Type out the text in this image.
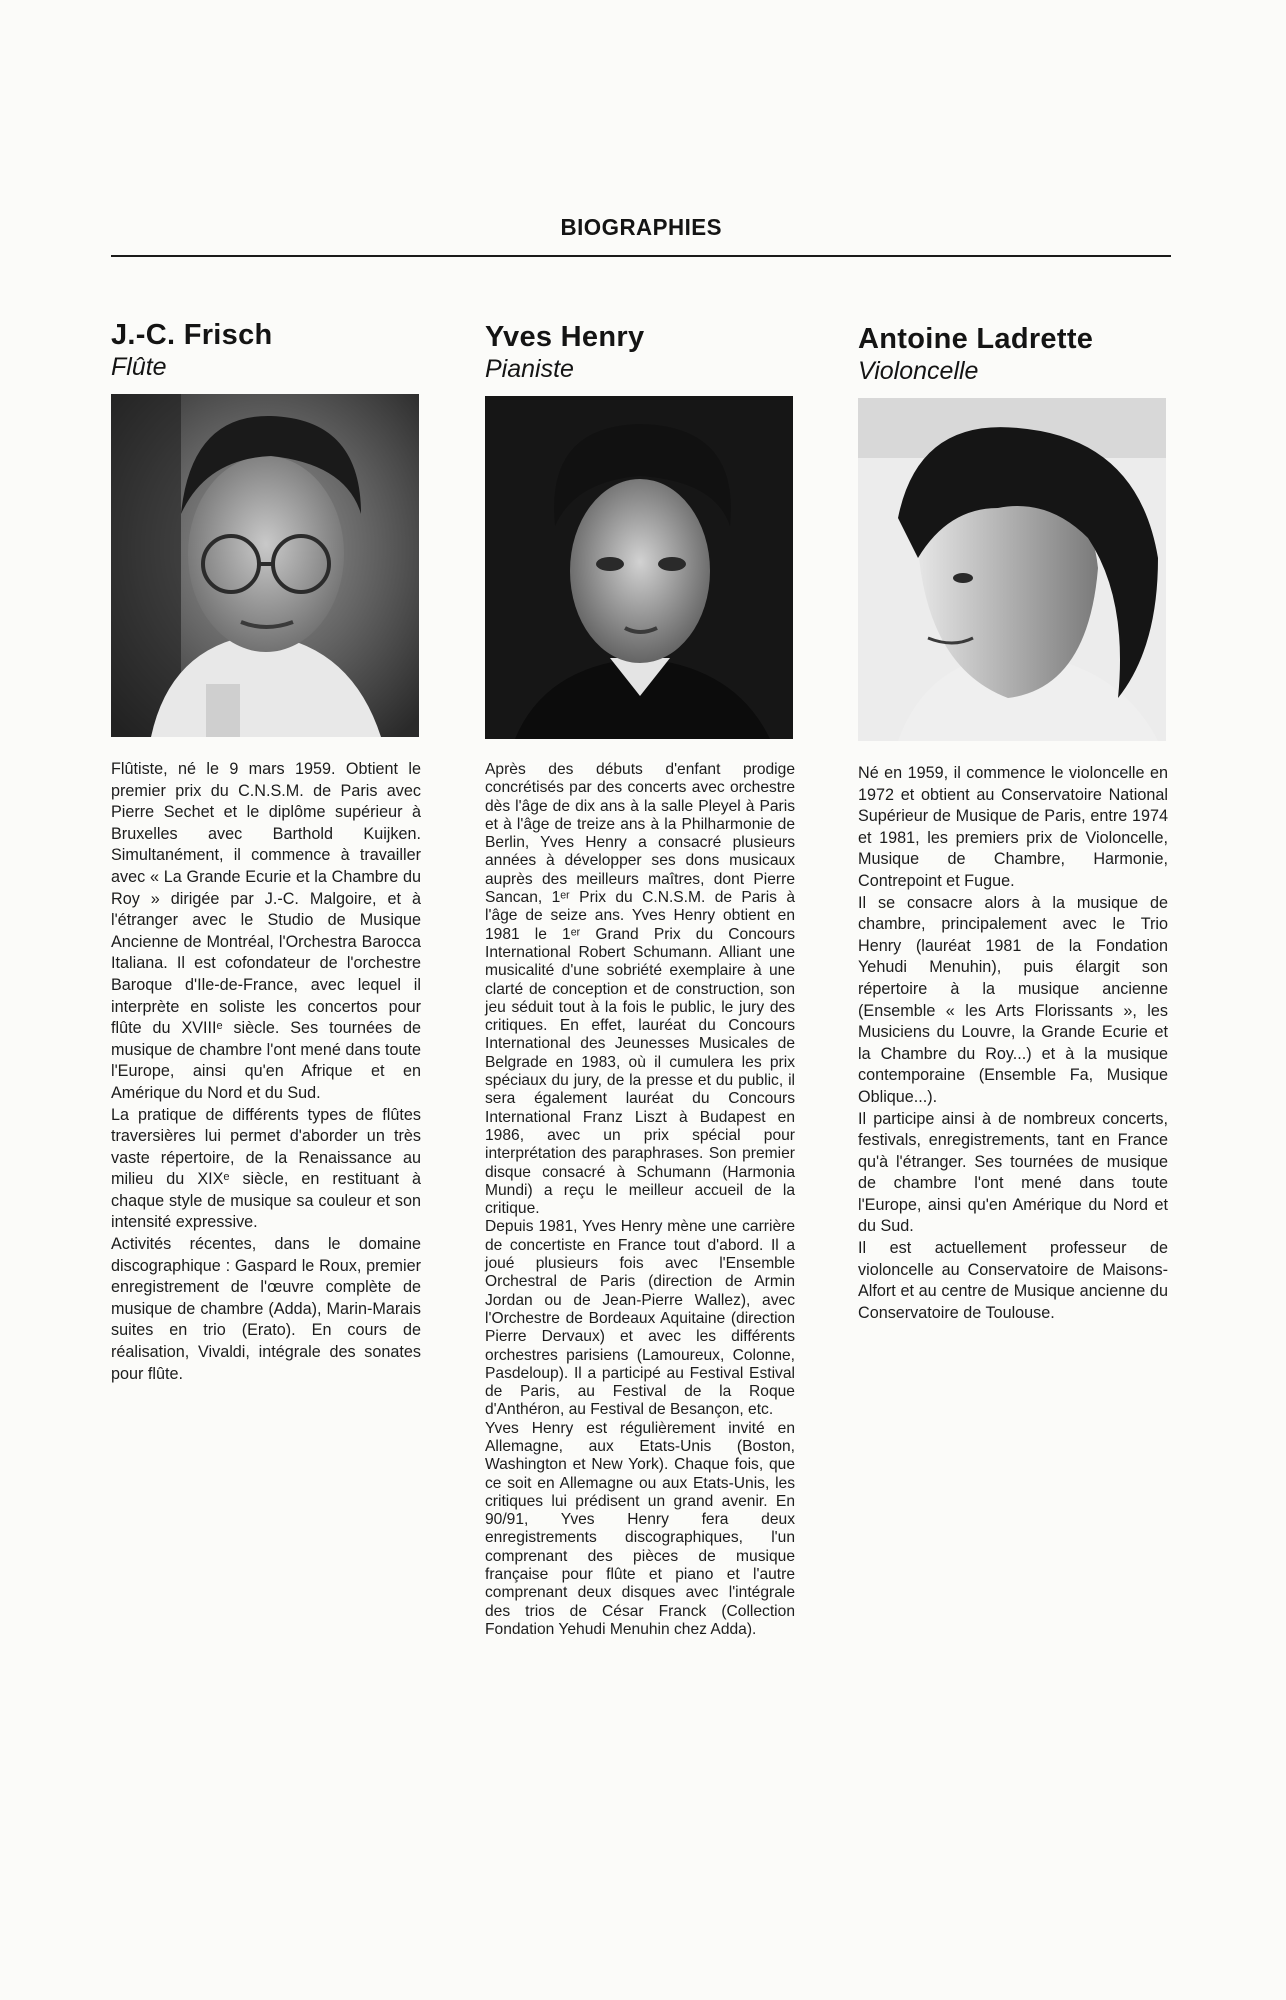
BIOGRAPHIES
J.-C. Frisch
Flûte

Flûtiste, né le 9 mars 1959. Obtient le premier prix du C.N.S.M. de Paris avec Pierre Sechet et le diplôme supérieur à Bruxelles avec Barthold Kuijken. Simultanément, il commence à travailler avec « La Grande Ecurie et la Chambre du Roy » dirigée par J.-C. Malgoire, et à l'étranger avec le Studio de Musique Ancienne de Montréal, l'Orchestra Barocca Italiana. Il est cofondateur de l'orchestre Baroque d'Ile-de-France, avec lequel il interprète en soliste les concertos pour flûte du XVIIIᵉ siècle. Ses tournées de musique de chambre l'ont mené dans toute l'Europe, ainsi qu'en Afrique et en Amérique du Nord et du Sud.

La pratique de différents types de flûtes traversières lui permet d'aborder un très vaste répertoire, de la Renaissance au milieu du XIXᵉ siècle, en restituant à chaque style de musique sa couleur et son intensité expressive.

Activités récentes, dans le domaine discographique : Gaspard le Roux, premier enregistrement de l'œuvre complète de musique de chambre (Adda), Marin-Marais suites en trio (Erato). En cours de réalisation, Vivaldi, intégrale des sonates pour flûte.

Yves Henry
Pianiste

Après des débuts d'enfant prodige concrétisés par des concerts avec orchestre dès l'âge de dix ans à la salle Pleyel à Paris et à l'âge de treize ans à la Philharmonie de Berlin, Yves Henry a consacré plusieurs années à développer ses dons musicaux auprès des meilleurs maîtres, dont Pierre Sancan, 1ᵉʳ Prix du C.N.S.M. de Paris à l'âge de seize ans. Yves Henry obtient en 1981 le 1ᵉʳ Grand Prix du Concours International Robert Schumann. Alliant une musicalité d'une sobriété exemplaire à une clarté de conception et de construction, son jeu séduit tout à la fois le public, le jury des critiques. En effet, lauréat du Concours International des Jeunesses Musicales de Belgrade en 1983, où il cumulera les prix spéciaux du jury, de la presse et du public, il sera également lauréat du Concours International Franz Liszt à Budapest en 1986, avec un prix spécial pour interprétation des paraphrases. Son premier disque consacré à Schumann (Harmonia Mundi) a reçu le meilleur accueil de la critique.

Depuis 1981, Yves Henry mène une carrière de concertiste en France tout d'abord. Il a joué plusieurs fois avec l'Ensemble Orchestral de Paris (direction de Armin Jordan ou de Jean-Pierre Wallez), avec l'Orchestre de Bordeaux Aquitaine (direction Pierre Dervaux) et avec les différents orchestres parisiens (Lamoureux, Colonne, Pasdeloup). Il a participé au Festival Estival de Paris, au Festival de la Roque d'Anthéron, au Festival de Besançon, etc.

Yves Henry est régulièrement invité en Allemagne, aux Etats-Unis (Boston, Washington et New York). Chaque fois, que ce soit en Allemagne ou aux Etats-Unis, les critiques lui prédisent un grand avenir. En 90/91, Yves Henry fera deux enregistrements discographiques, l'un comprenant des pièces de musique française pour flûte et piano et l'autre comprenant deux disques avec l'intégrale des trios de César Franck (Collection Fondation Yehudi Menuhin chez Adda).

Antoine Ladrette
Violoncelle

Né en 1959, il commence le violoncelle en 1972 et obtient au Conservatoire National Supérieur de Musique de Paris, entre 1974 et 1981, les premiers prix de Violoncelle, Musique de Chambre, Harmonie, Contrepoint et Fugue.

Il se consacre alors à la musique de chambre, principalement avec le Trio Henry (lauréat 1981 de la Fondation Yehudi Menuhin), puis élargit son répertoire à la musique ancienne (Ensemble « les Arts Florissants », les Musiciens du Louvre, la Grande Ecurie et la Chambre du Roy...) et à la musique contemporaine (Ensemble Fa, Musique Oblique...).

Il participe ainsi à de nombreux concerts, festivals, enregistrements, tant en France qu'à l'étranger. Ses tournées de musique de chambre l'ont mené dans toute l'Europe, ainsi qu'en Amérique du Nord et du Sud.

Il est actuellement professeur de violoncelle au Conservatoire de Maisons-Alfort et au centre de Musique ancienne du Conservatoire de Toulouse.
